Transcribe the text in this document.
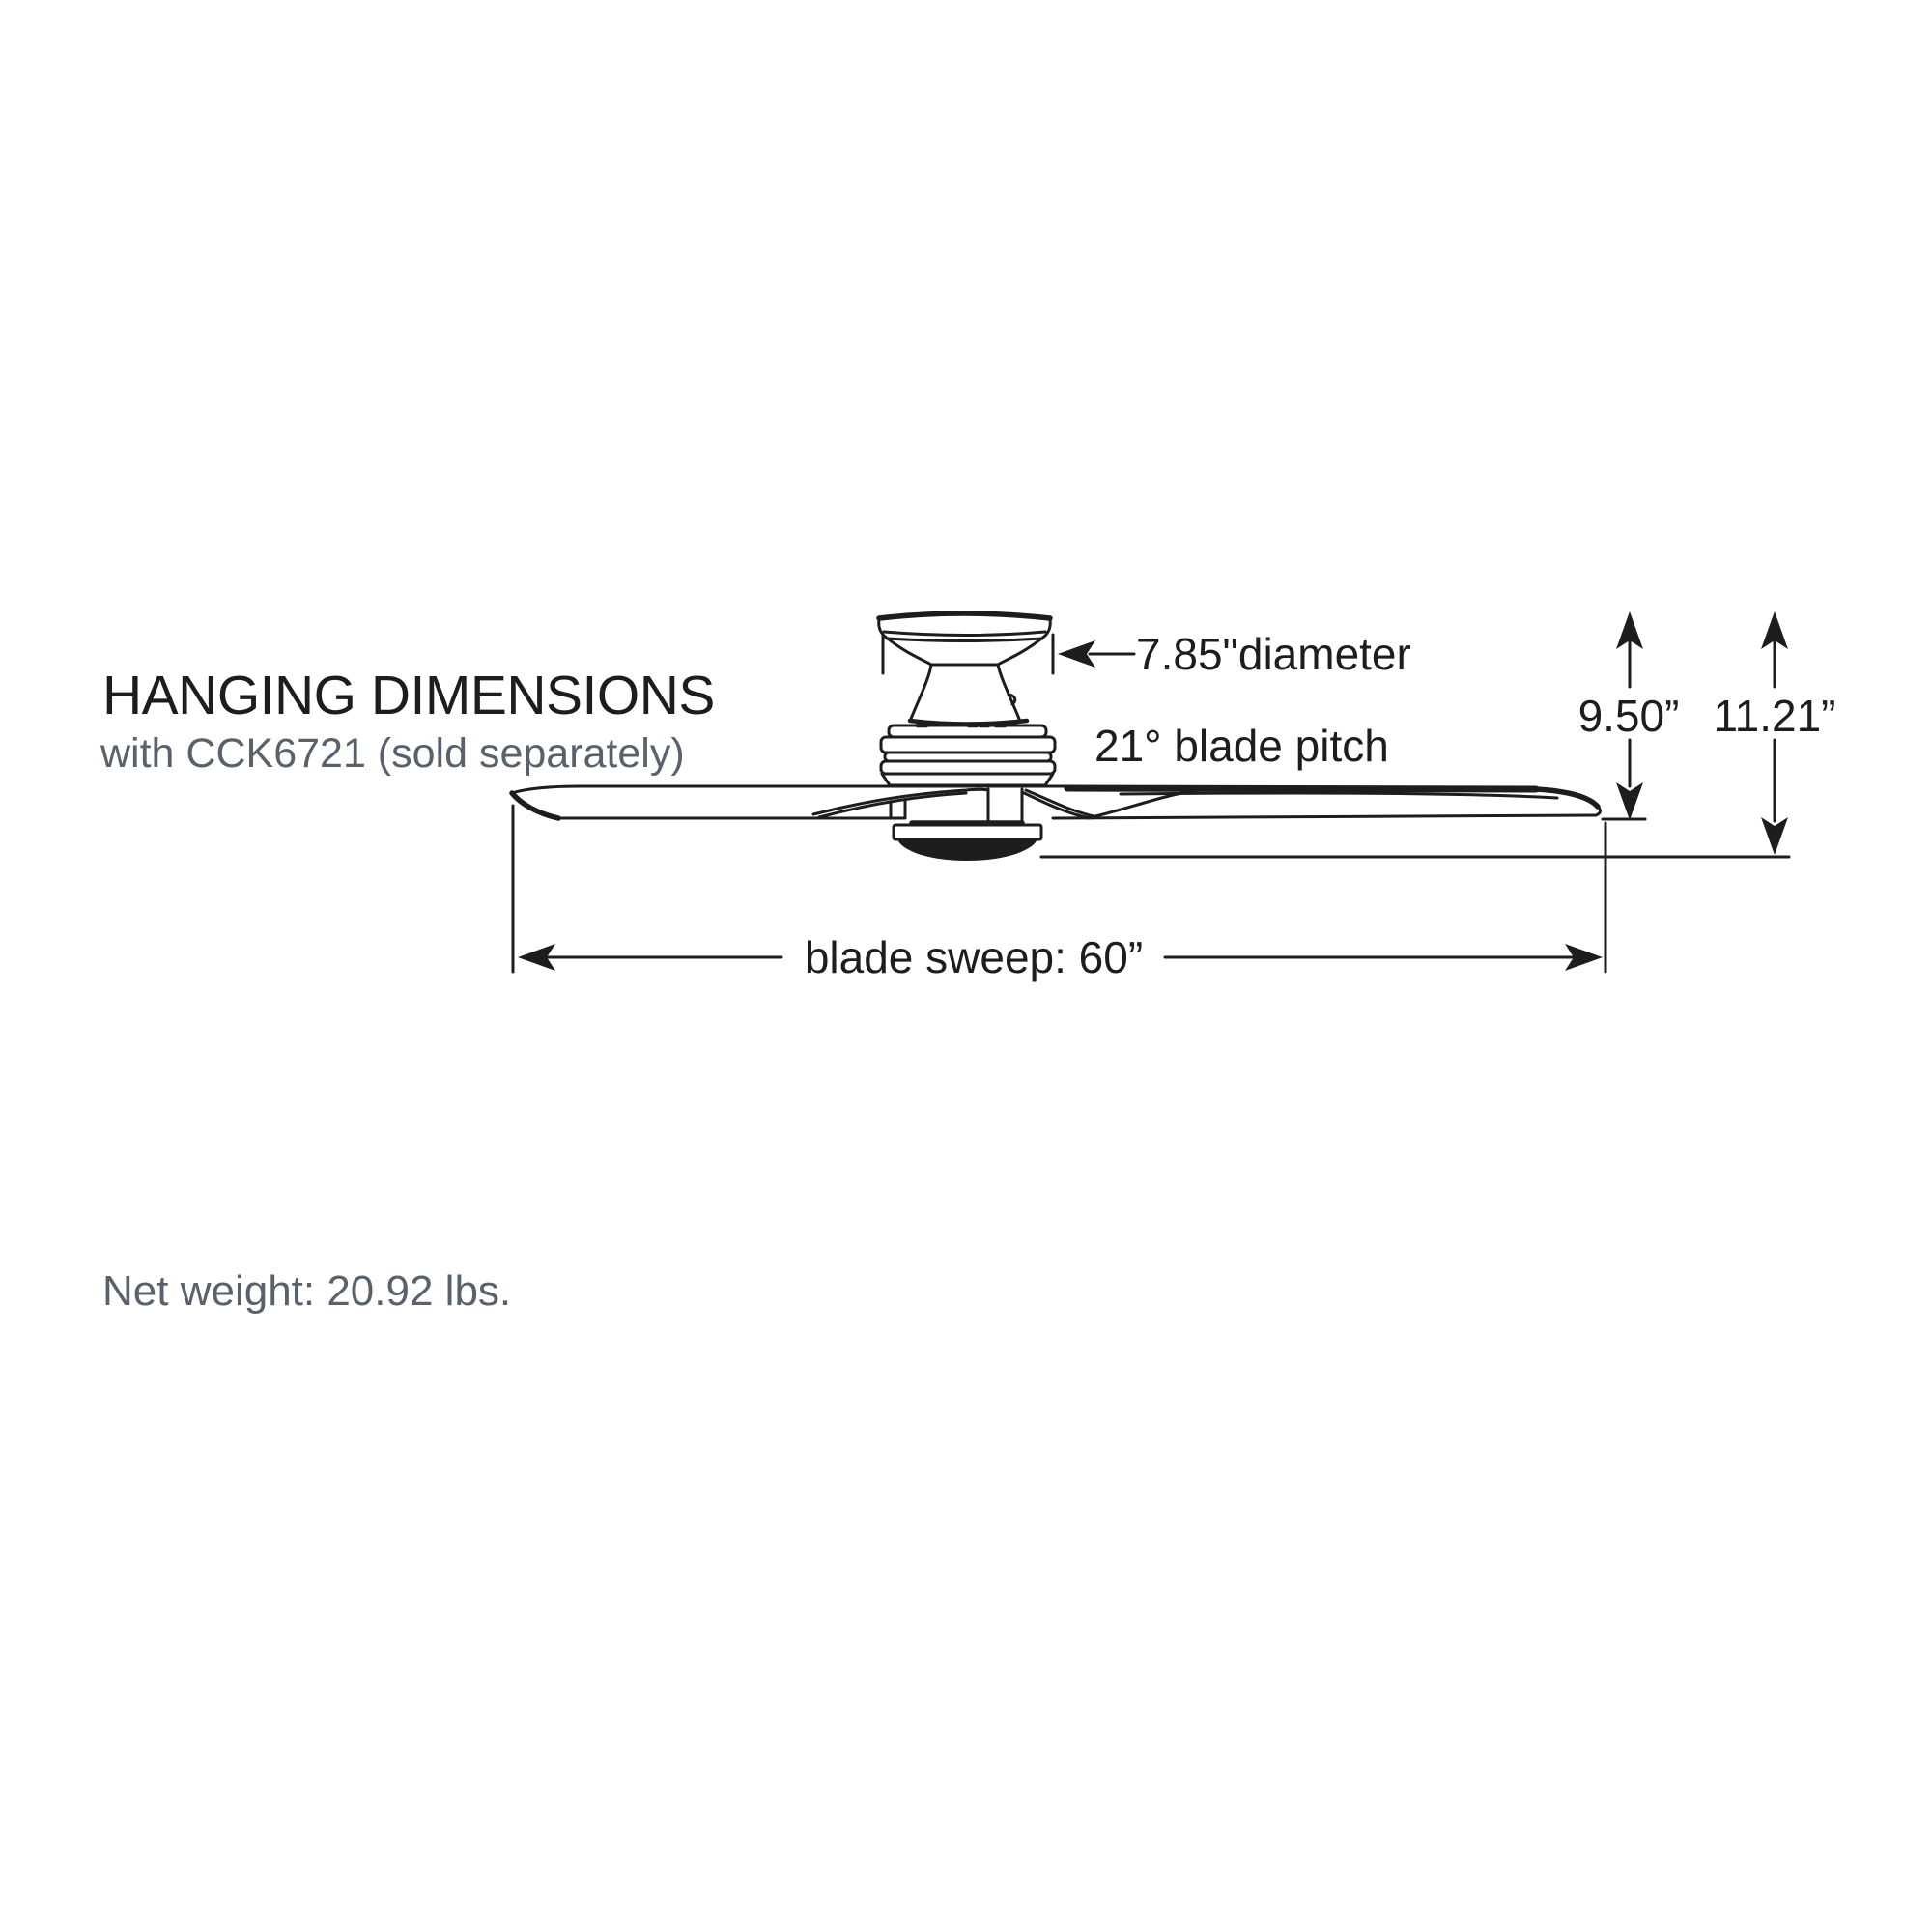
HANGING DIMENSIONS
with CCK6721 (sold separately)
Net weight: 20.92 lbs.
7.85"diameter
21° blade pitch
9.50” 11.21”
blade sweep: 60”
